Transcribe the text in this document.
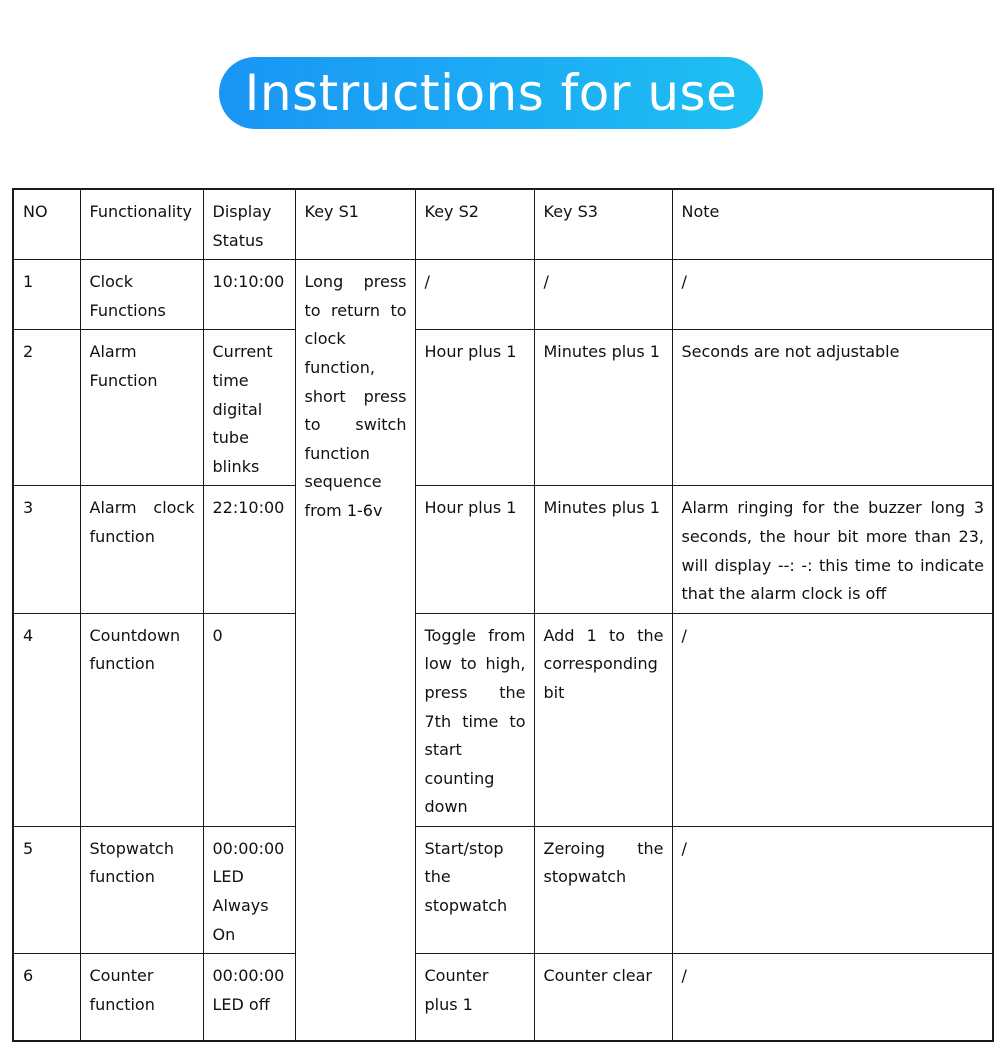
Instructions for use
NO	Functionality	Display Status	Key S1	Key S2	Key S3	Note
1	Clock Functions	10:10:00	Long press to return to clock function, short press to switch function sequence from 1-6v	/	/	/
2	Alarm Function	Current time digital tube blinks		Hour plus 1	Minutes plus 1	Seconds are not adjustable
3	Alarm clock function	22:10:00		Hour plus 1	Minutes plus 1	Alarm ringing for the buzzer long 3 seconds, the hour bit more than 23, will display --: -: this time to indicate that the alarm clock is off
4	Countdown function	0		Toggle from low to high, press the 7th time to start counting down	Add 1 to the corresponding bit	/
5	Stopwatch function	00:00:00 LED Always On		Start/stop the stopwatch	Zeroing the stopwatch	/
6	Counter function	00:00:00 LED off		Counter plus 1	Counter clear	/
